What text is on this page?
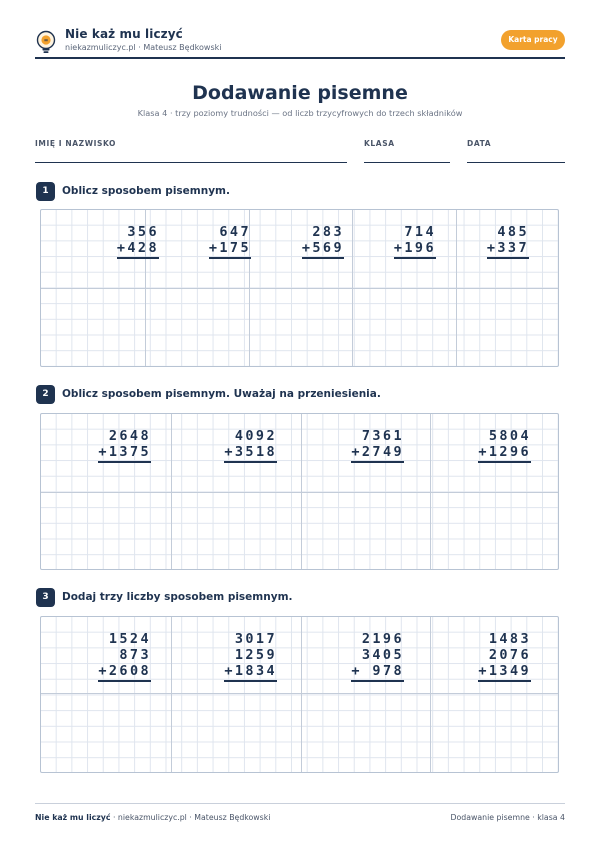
=
Nie każ mu liczyć
niekazmuliczyc.pl · Mateusz Będkowski
Karta pracy
Dodawanie pisemne
Klasa 4 · trzy poziomy trudności — od liczb trzycyfrowych do trzech składników
IMIĘ I NAZWISKO	KLASA	DATA
1	Oblicz sposobem pisemnym.
356
+428
647
+175
283
+569
714
+196
485
+337
2	Oblicz sposobem pisemnym. Uważaj na przeniesienia.
2648
+1375
4092
+3518
7361
+2749
5804
+1296
3	Dodaj trzy liczby sposobem pisemnym.
1524
873
+2608
3017
1259
+1834
2196
3405
+ 978
1483
2076
+1349
Nie każ mu liczyć · niekazmuliczyc.pl · Mateusz Będkowski	Dodawanie pisemne · klasa 4
